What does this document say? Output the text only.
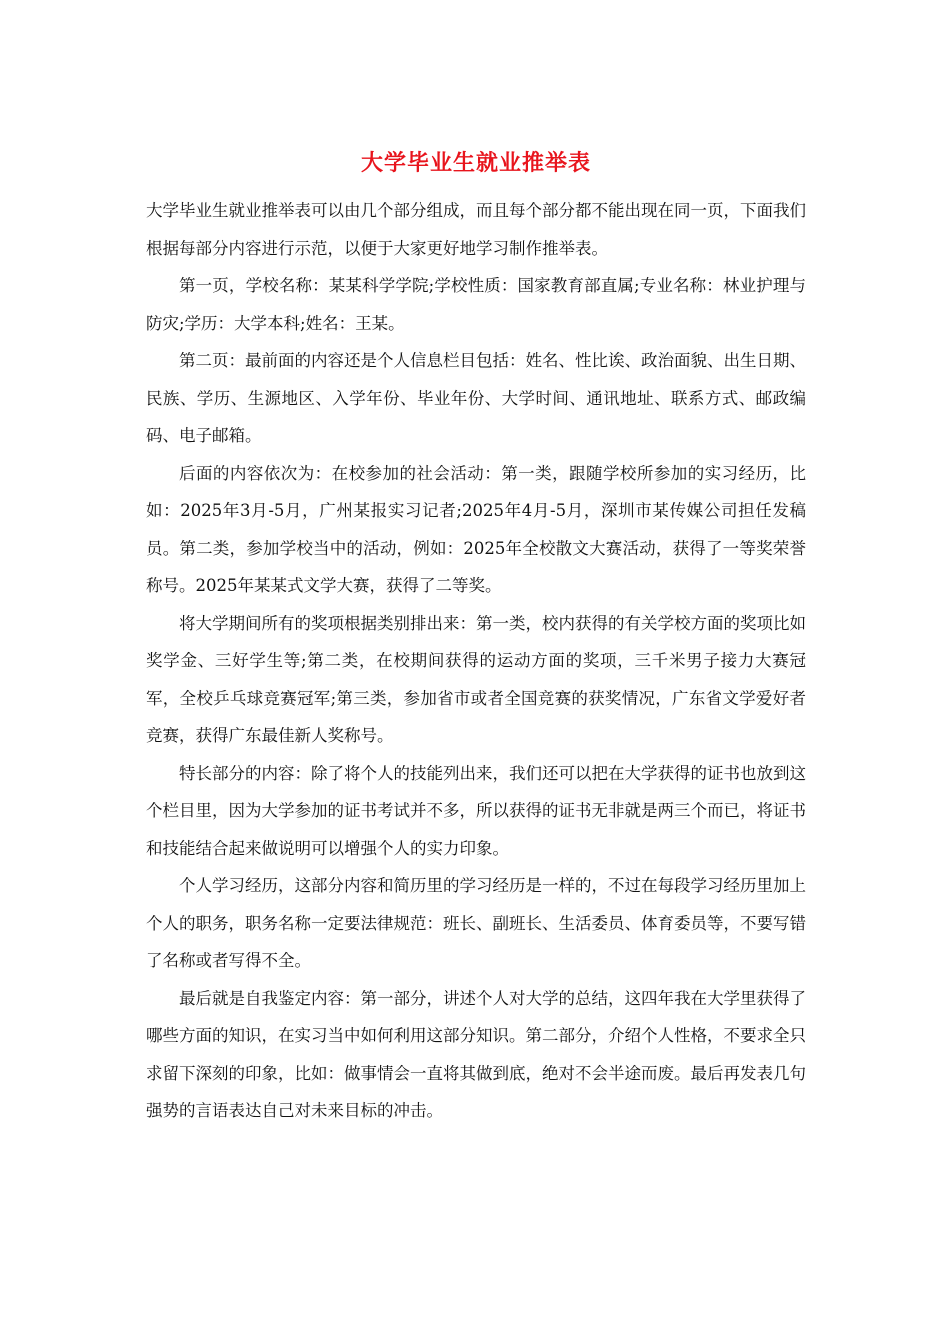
大学毕业生就业推举表

大学毕业生就业推举表可以由几个部分组成，而且每个部分都不能出现在同一页，下面我们根据每部分内容进行示范，以便于大家更好地学习制作推举表。

第一页，学校名称：某某科学学院;学校性质：国家教育部直属;专业名称：林业护理与防灾;学历：大学本科;姓名：王某。

第二页：最前面的内容还是个人信息栏目包括：姓名、性比诶、政治面貌、出生日期、民族、学历、生源地区、入学年份、毕业年份、大学时间、通讯地址、联系方式、邮政编码、电子邮箱。

后面的内容依次为：在校参加的社会活动：第一类，跟随学校所参加的实习经历，比如：2025年3月-5月，广州某报实习记者;2025年4月-5月，深圳市某传媒公司担任发稿员。第二类，参加学校当中的活动，例如：2025年全校散文大赛活动，获得了一等奖荣誉称号。2025年某某式文学大赛，获得了二等奖。

将大学期间所有的奖项根据类别排出来：第一类，校内获得的有关学校方面的奖项比如奖学金、三好学生等;第二类，在校期间获得的运动方面的奖项，三千米男子接力大赛冠军，全校乒乓球竞赛冠军;第三类，参加省市或者全国竞赛的获奖情况，广东省文学爱好者竞赛，获得广东最佳新人奖称号。

特长部分的内容：除了将个人的技能列出来，我们还可以把在大学获得的证书也放到这个栏目里，因为大学参加的证书考试并不多，所以获得的证书无非就是两三个而已，将证书和技能结合起来做说明可以增强个人的实力印象。

个人学习经历，这部分内容和简历里的学习经历是一样的，不过在每段学习经历里加上个人的职务，职务名称一定要法律规范：班长、副班长、生活委员、体育委员等，不要写错了名称或者写得不全。

最后就是自我鉴定内容：第一部分，讲述个人对大学的总结，这四年我在大学里获得了哪些方面的知识，在实习当中如何利用这部分知识。第二部分，介绍个人性格，不要求全只求留下深刻的印象，比如：做事情会一直将其做到底，绝对不会半途而废。最后再发表几句强势的言语表达自己对未来目标的冲击。
